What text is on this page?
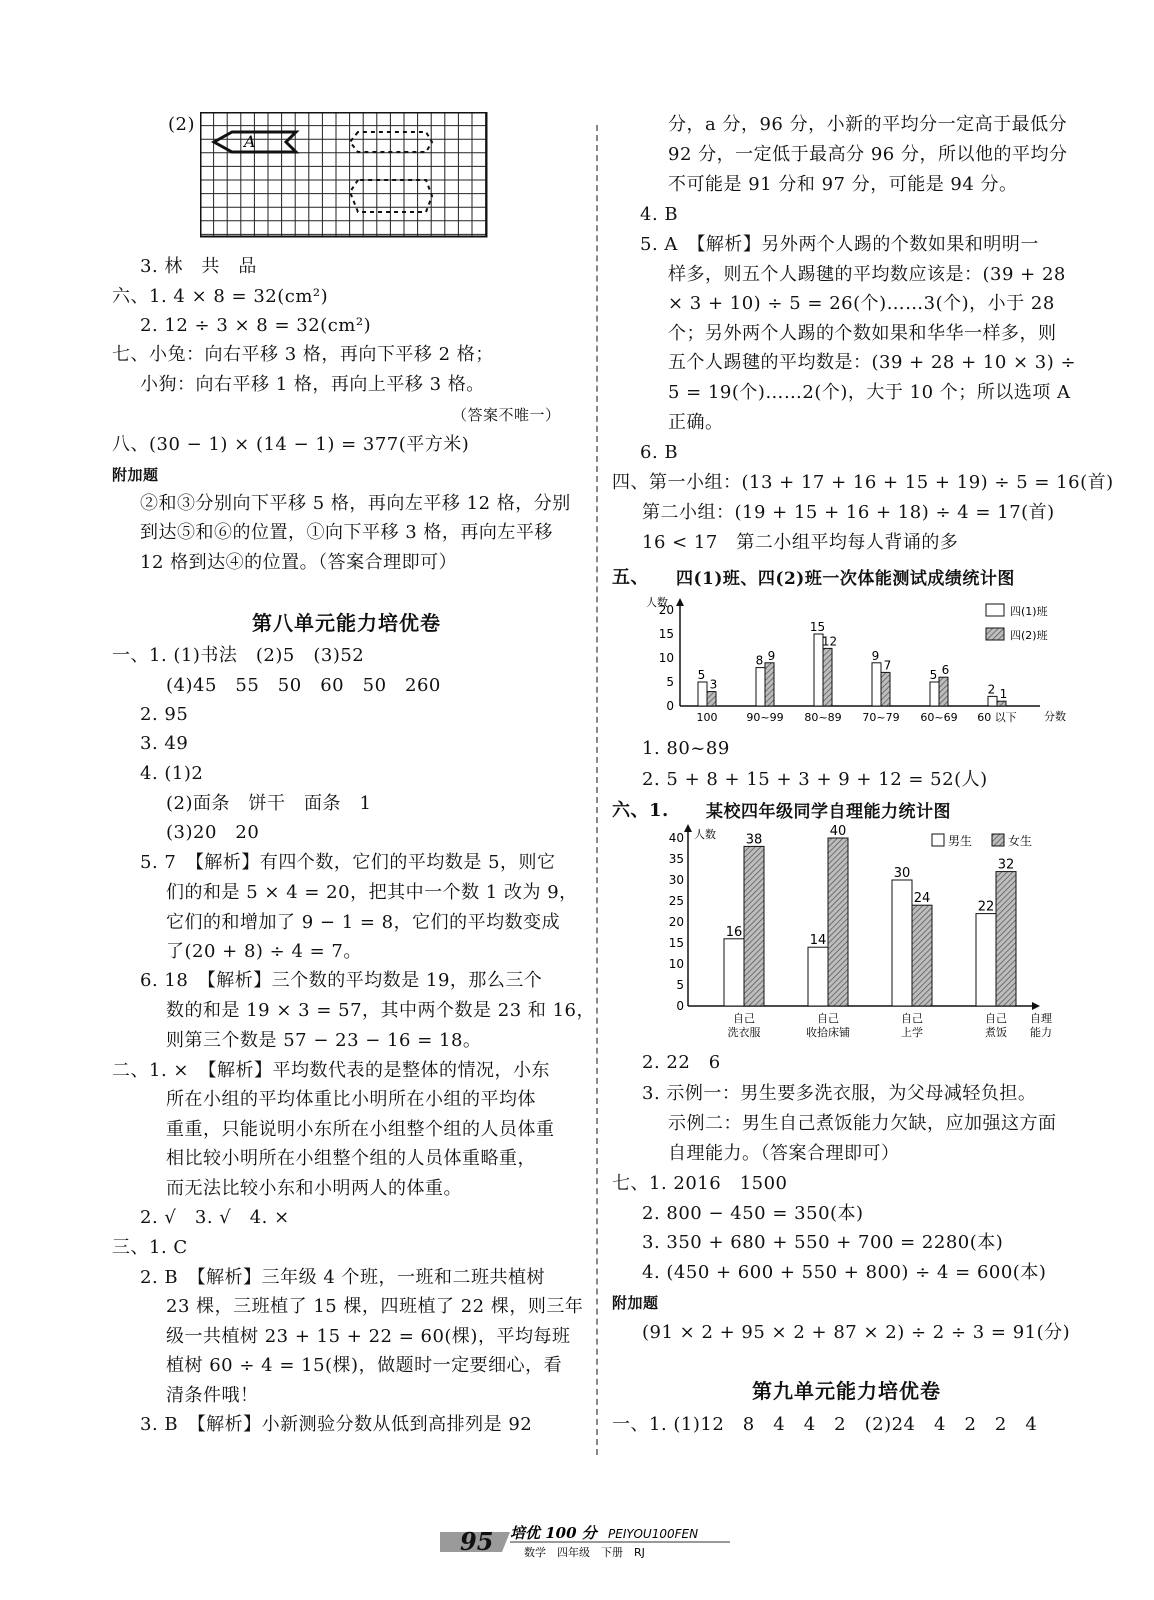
(2)
A
3. 林　共　品
六、1. 4 × 8 = 32(cm²)
2. 12 ÷ 3 × 8 = 32(cm²)
七、小兔：向右平移 3 格，再向下平移 2 格；
小狗：向右平移 1 格，再向上平移 3 格。
（答案不唯一）
八、(30 − 1) × (14 − 1) = 377(平方米)
附加题
②和③分别向下平移 5 格，再向左平移 12 格，分别
到达⑤和⑥的位置，①向下平移 3 格，再向左平移
12 格到达④的位置。（答案合理即可）
第八单元能力培优卷
一、1. (1)书法　(2)5　(3)52
(4)45　55　50　60　50　260
2. 95
3. 49
4. (1)2
(2)面条　饼干　面条　1
(3)20　20
5. 7　【解析】有四个数，它们的平均数是 5，则它
们的和是 5 × 4 = 20，把其中一个数 1 改为 9，
它们的和增加了 9 − 1 = 8，它们的平均数变成
了(20 + 8) ÷ 4 = 7。
6. 18　【解析】三个数的平均数是 19，那么三个
数的和是 19 × 3 = 57，其中两个数是 23 和 16，
则第三个数是 57 − 23 − 16 = 18。
二、1. ×　【解析】平均数代表的是整体的情况，小东
所在小组的平均体重比小明所在小组的平均体
重重，只能说明小东所在小组整个组的人员体重
相比较小明所在小组整个组的人员体重略重，
而无法比较小东和小明两人的体重。
2. √　3. √　4. ×
三、1. C
2. B　【解析】三年级 4 个班，一班和二班共植树
23 棵，三班植了 15 棵，四班植了 22 棵，则三年
级一共植树 23 + 15 + 22 = 60(棵)，平均每班
植树 60 ÷ 4 = 15(棵)，做题时一定要细心，看
清条件哦！
3. B　【解析】小新测验分数从低到高排列是 92
分，a 分，96 分，小新的平均分一定高于最低分
92 分，一定低于最高分 96 分，所以他的平均分
不可能是 91 分和 97 分，可能是 94 分。
4. B
5. A　【解析】另外两个人踢的个数如果和明明一
样多，则五个人踢毽的平均数应该是：(39 + 28
× 3 + 10) ÷ 5 = 26(个)……3(个)，小于 28
个；另外两个人踢的个数如果和华华一样多，则
五个人踢毽的平均数是：(39 + 28 + 10 × 3) ÷
5 = 19(个)……2(个)，大于 10 个；所以选项 A
正确。
6. B
四、第一小组：(13 + 17 + 16 + 15 + 19) ÷ 5 = 16(首)
第二小组：(19 + 15 + 16 + 18) ÷ 4 = 17(首)
16 < 17　第二小组平均每人背诵的多
五、 四(1)班、四(2)班一次体能测试成绩统计图
人数
分数
0
5
10
15
20
100
5
3
90~99
8 9
80~89
15
12
70~79
9
7
60~69
5 6
60 以下
2 1
四(1)班
四(2)班
1. 80~89
2. 5 + 8 + 15 + 3 + 9 + 12 = 52(人)
六、1. 某校四年级同学自理能力统计图
人数
自理
能力
0
5
10
15
20
25
30
35
40
自己
洗衣服
16
38
自己
收拾床铺
14
40
自己
上学
30
24
自己
煮饭
22
32
男生	女生
2. 22　6
3. 示例一：男生要多洗衣服，为父母减轻负担。
示例二：男生自己煮饭能力欠缺，应加强这方面
自理能力。（答案合理即可）
七、1. 2016　1500
2. 800 − 450 = 350(本)
3. 350 + 680 + 550 + 700 = 2280(本)
4. (450 + 600 + 550 + 800) ÷ 4 = 600(本)
附加题
(91 × 2 + 95 × 2 + 87 × 2) ÷ 2 ÷ 3 = 91(分)
第九单元能力培优卷
一、1. (1)12　8　4　4　2　(2)24　4　2　2　4
95 培优 100 分 PEIYOU100FEN
数学　四年级　下册　RJ
